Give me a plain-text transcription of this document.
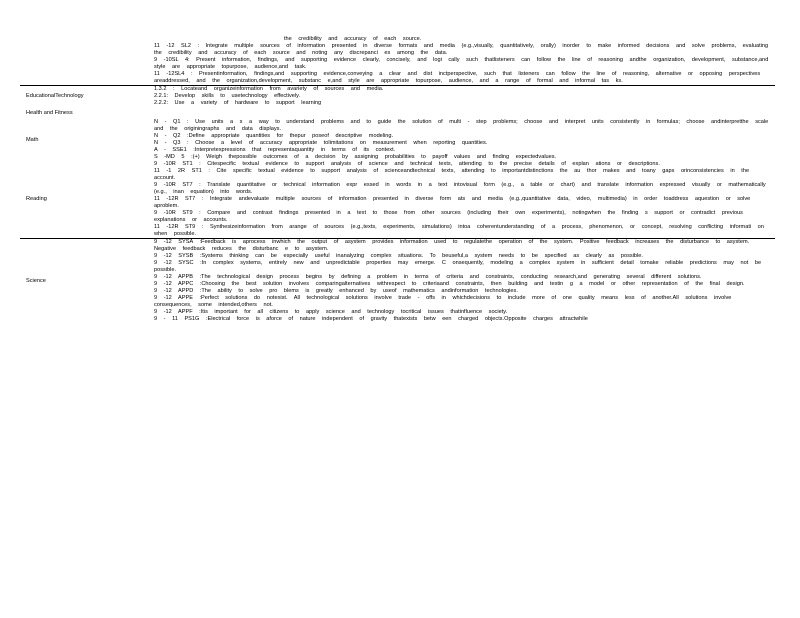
the credibility and accuracy of each source.
11 -12 SL2 : Integrate multiple sources of information presented in diverse formats and media (e.g.,visually, quantitatively, orally) inorder to make informed decisions and solve problems, evaluating the credibility and accuracy of each source and noting any discrepanci es among the data.
9 -10SL 4: Present information, findings, and supporting evidence clearly, concisely, and logi cally such thatlisteners can follow the line of reasoning andthe organization, development, substance,and style are appropriate topurpose, audience,and task.
11 -12SL4 : Presentinformation, findings,and supporting evidence,conveying a clear and dist inctperspective, such that listeners can follow the line of reasoning, alternative or opposing perspectives areaddressed, and the organization,development, substanc e,and style are appropriate topurpose, audience, and a range of formal and informal tas ks.
EducationalTechnology
1.3.2 : Locateand organizeinformation from avariety of sources and media.
2.2.1: Develop skills to usetechnology effectively.
2.2.2: Use a variety of hardware to support learning
Health and Fitness
Math
N - Q1 : Use units a s a way to understand problems and to guide the solution of multi - step problems; choose and interpret units consistently in formulas; choose andinterpretthe scale and the originingraphs and data displays.
N - Q2 :Define appropriate quantities for thepur poseof descriptive modeling.
N - Q3 : Choose a level of accuracy appropriate tolimitations on measurement when reporting quantities.
A - SSE1 :Interpretexpressions that representaquantity in terms of its context.
S -MD 5 :(+) Weigh thepossible outcomes of a decision by assigning probabilities to payoff values and finding expectedvalues.
Reading
9 -10R ST1 : Citespecific textual evidence to support analysis of science and technical texts, attending to the precise details of explan ations or descriptions.
11 -1 2R ST1 : Cite specific textual evidence to support analysis of scienceandtechnical texts, attending to importantdistinctions the au thor makes and toany gaps orinconsistencies in the account.
9 -10R ST7 : Translate quantitative or technical information expr essed in words in a text intovisual form (e.g., a table or chart) and translate information expressed visually or mathematically (e.g., inan equation) into words.
11 -12R ST7 : Integrate andevaluate multiple sources of information presented in diverse form ats and media (e.g.,quantitative data, video, multimedia) in order toaddress aquestion or solve aproblem.
9 -10R ST9 : Compare and contrast findings presented in a text to those from other sources (including their own experiments), notingwhen the finding s support or contradict previous explanations or accounts.
11 -12R ST9 : Synthesizeinformation from arange of sources (e.g.,texts, experiments, simulations) intoa coherentunderstanding of a process, phenomenon, or concept, resolving conflicting informati on when possible.
Science
9 -12 SYSA :Feedback is aprocess inwhich the output of asystem provides information used to regulatethe operation of the system. Positive feedback increases the disturbance to asystem. Negative feedback reduces the disturbanc e to asystem.
9 -12 SYSB :Systems thinking can be especially useful inanalyzing complex situations. To beuseful,a system needs to be specified as clearly as possible.
9 -12 SYSC :In complex systems, entirely new and unpredictable properties may emerge. C onsequently, modeling a complex system in sufficient detail tomake reliable predictions may not be possible.
9 -12 APPB :The technological design process begins by defining a problem in terms of criteria and constraints, conducting research,and generating several different solutions.
9 -12 APPC :Choosing the best solution involves comparingalternatives withrespect to criteriaand constraints, then building and testin g a model or other representation of the final design.
9 -12 APPD :The ability to solve pro blems is greatly enhanced by useof mathematics andinformation technologies.
9 -12 APPE :Perfect solutions do notexist. All technological solutions involve trade - offs in whichdecisions to include more of one quality means less of another.All solutions involve consequences, some intended,others not.
9 -12 APPF :Itis important for all citizens to apply science and technology tocritical issues thatinfluence society.
9 - 11 PS1G :Electrical force is aforce of nature independent of gravity thatexists betw een charged objects.Opposite charges attractwhile
